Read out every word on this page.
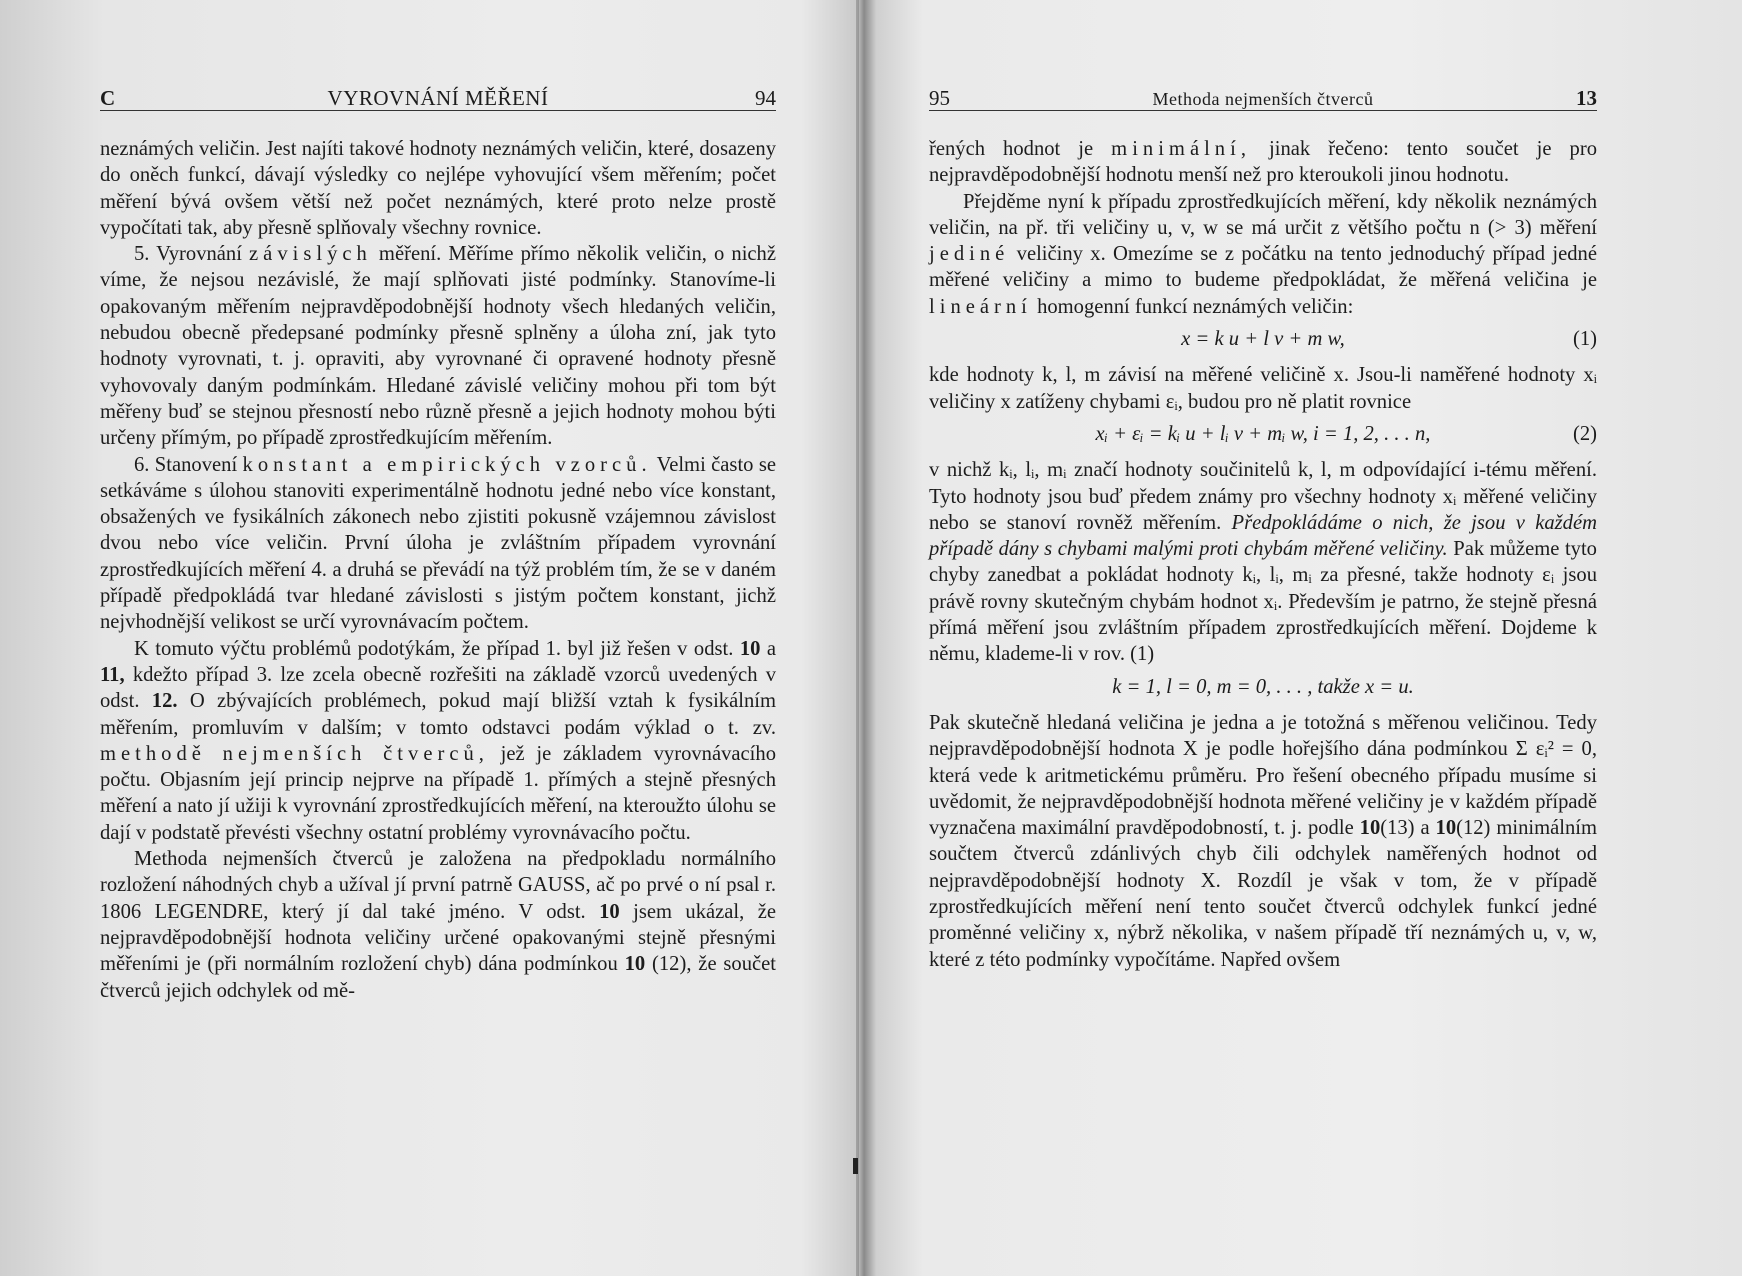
C	VYROVNÁNÍ MĚŘENÍ	94

neznámých veličin. Jest najíti takové hodnoty neznámých veličin, které, dosazeny do oněch funkcí, dávají výsledky co nejlépe vyhovující všem měřením; počet měření bývá ovšem větší než počet neznámých, které proto nelze prostě vypočítati tak, aby přesně splňovaly všechny rovnice.

5. Vyrovnání závislých měření. Měříme přímo několik veličin, o nichž víme, že nejsou nezávislé, že mají splňovati jisté podmínky. Stanovíme-li opakovaným měřením nejpravděpodobnější hodnoty všech hledaných veličin, nebudou obecně předepsané podmínky přesně splněny a úloha zní, jak tyto hodnoty vyrovnati, t. j. opraviti, aby vyrovnané či opravené hodnoty přesně vyhovovaly daným podmínkám. Hledané závislé veličiny mohou při tom být měřeny buď se stejnou přesností nebo různě přesně a jejich hodnoty mohou býti určeny přímým, po případě zprostředkujícím měřením.

6. Stanovení konstant a empirických vzorců. Velmi často se setkáváme s úlohou stanoviti experimentálně hodnotu jedné nebo více konstant, obsažených ve fysikálních zákonech nebo zjistiti pokusně vzájemnou závislost dvou nebo více veličin. První úloha je zvláštním případem vyrovnání zprostředkujících měření 4. a druhá se převádí na týž problém tím, že se v daném případě předpokládá tvar hledané závislosti s jistým počtem konstant, jichž nejvhodnější velikost se určí vyrovnávacím počtem.

K tomuto výčtu problémů podotýkám, že případ 1. byl již řešen v odst. 10 a 11, kdežto případ 3. lze zcela obecně rozřešiti na základě vzorců uvedených v odst. 12. O zbývajících problémech, pokud mají bližší vztah k fysikálním měřením, promluvím v dalším; v tomto odstavci podám výklad o t. zv. methodě nejmenších čtverců, jež je základem vyrovnávacího počtu. Objasním její princip nejprve na případě 1. přímých a stejně přesných měření a nato jí užiji k vyrovnání zprostředkujících měření, na kteroužto úlohu se dají v podstatě převésti všechny ostatní problémy vyrovnávacího počtu.

Methoda nejmenších čtverců je založena na předpokladu normálního rozložení náhodných chyb a užíval jí první patrně GAUSS, ač po prvé o ní psal r. 1806 LEGENDRE, který jí dal také jméno. V odst. 10 jsem ukázal, že nejpravděpodobnější hodnota veličiny určené opakovanými stejně přesnými měřeními je (při normálním rozložení chyb) dána podmínkou 10 (12), že součet čtverců jejich odchylek od mě-

95	Methoda nejmenších čtverců	13

řených hodnot je minimální, jinak řečeno: tento součet je pro nejpravděpodobnější hodnotu menší než pro kteroukoli jinou hodnotu.

Přejděme nyní k případu zprostředkujících měření, kdy několik neznámých veličin, na př. tři veličiny u, v, w se má určit z většího počtu n (> 3) měření jediné veličiny x. Omezíme se z počátku na tento jednoduchý případ jedné měřené veličiny a mimo to budeme předpokládat, že měřená veličina je lineární homogenní funkcí neznámých veličin:

x = k u + l v + m w,	(1)

kde hodnoty k, l, m závisí na měřené veličině x. Jsou-li naměřené hodnoty xᵢ veličiny x zatíženy chybami εᵢ, budou pro ně platit rovnice

xᵢ + εᵢ = kᵢ u + lᵢ v + mᵢ w, i = 1, 2, . . . n,	(2)

v nichž kᵢ, lᵢ, mᵢ značí hodnoty součinitelů k, l, m odpovídající i-tému měření. Tyto hodnoty jsou buď předem známy pro všechny hodnoty xᵢ měřené veličiny nebo se stanoví rovněž měřením. Předpokládáme o nich, že jsou v každém případě dány s chybami malými proti chybám měřené veličiny. Pak můžeme tyto chyby zanedbat a pokládat hodnoty kᵢ, lᵢ, mᵢ za přesné, takže hodnoty εᵢ jsou právě rovny skutečným chybám hodnot xᵢ. Především je patrno, že stejně přesná přímá měření jsou zvláštním případem zprostředkujících měření. Dojdeme k němu, klademe-li v rov. (1)

k = 1, l = 0, m = 0, . . . , takže x = u.

Pak skutečně hledaná veličina je jedna a je totožná s měřenou veličinou. Tedy nejpravděpodobnější hodnota X je podle hořejšího dána podmínkou Σ εᵢ² = 0, která vede k aritmetickému průměru. Pro řešení obecného případu musíme si uvědomit, že nejpravděpodobnější hodnota měřené veličiny je v každém případě vyznačena maximální pravděpodobností, t. j. podle 10(13) a 10(12) minimálním součtem čtverců zdánlivých chyb čili odchylek naměřených hodnot od nejpravděpodobnější hodnoty X. Rozdíl je však v tom, že v případě zprostředkujících měření není tento součet čtverců odchylek funkcí jedné proměnné veličiny x, nýbrž několika, v našem případě tří neznámých u, v, w, které z této podmínky vypočítáme. Napřed ovšem
